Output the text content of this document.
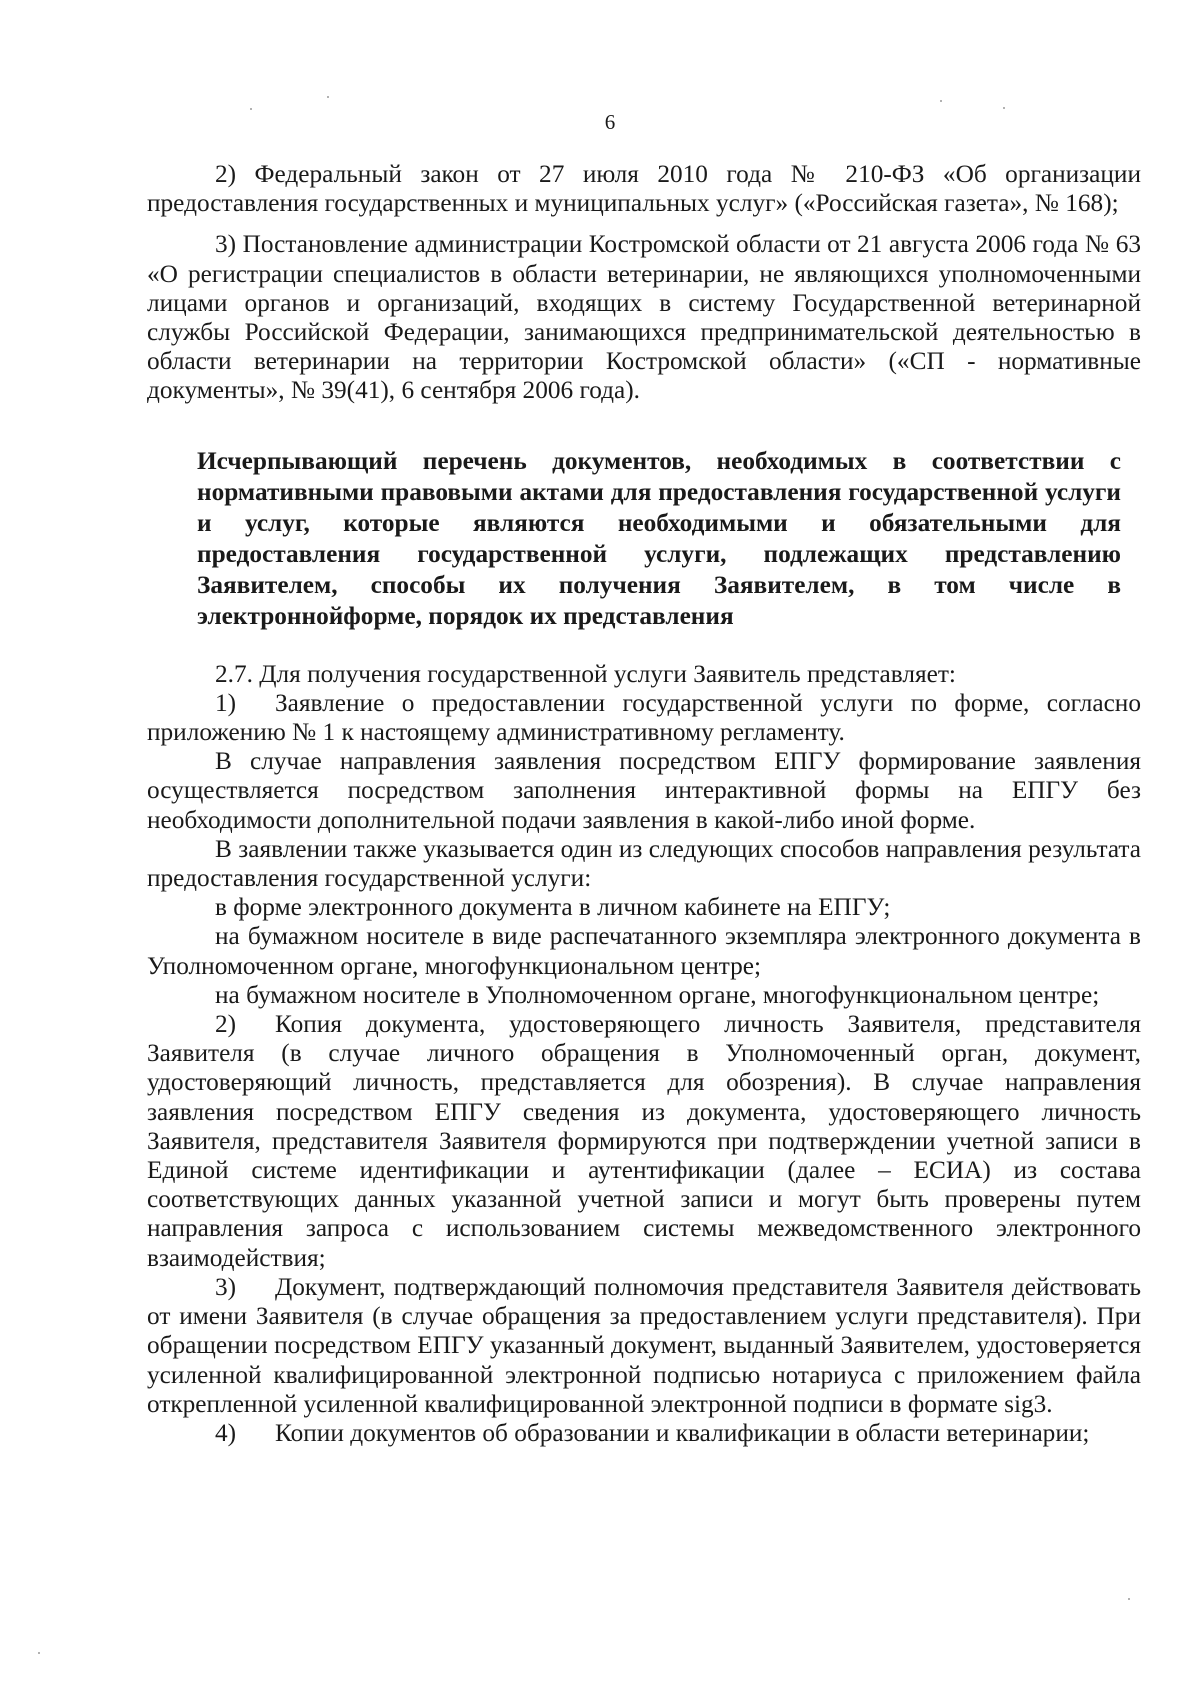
6

2) Федеральный закон от 27 июля 2010 года № 210-ФЗ «Об организации предоставления государственных и муниципальных услуг» («Российская газета», № 168);

3) Постановление администрации Костромской области от 21 августа 2006 года № 63 «О регистрации специалистов в области ветеринарии, не являющихся уполномоченными лицами органов и организаций, входящих в систему Государственной ветеринарной службы Российской Федерации, занимающихся предпринимательской деятельностью в области ветеринарии на территории Костромской области» («СП - нормативные документы», № 39(41), 6 сентября 2006 года).

Исчерпывающий перечень документов, необходимых в соответствии с нормативными правовыми актами для предоставления государственной услуги и услуг, которые являются необходимыми и обязательными для предоставления государственной услуги, подлежащих представлению Заявителем, способы их получения Заявителем, в том числе в электроннойформе, порядок их представления

2.7. Для получения государственной услуги Заявитель представляет:

1) Заявление о предоставлении государственной услуги по форме, согласно приложению № 1 к настоящему административному регламенту.

В случае направления заявления посредством ЕПГУ формирование заявления осуществляется посредством заполнения интерактивной формы на ЕПГУ без необходимости дополнительной подачи заявления в какой-либо иной форме.

В заявлении также указывается один из следующих способов направления результата предоставления государственной услуги:

в форме электронного документа в личном кабинете на ЕПГУ;

на бумажном носителе в виде распечатанного экземпляра электронного документа в Уполномоченном органе, многофункциональном центре;

на бумажном носителе в Уполномоченном органе, многофункциональном центре;

2) Копия документа, удостоверяющего личность Заявителя, представителя Заявителя (в случае личного обращения в Уполномоченный орган, документ, удостоверяющий личность, представляется для обозрения). В случае направления заявления посредством ЕПГУ сведения из документа, удостоверяющего личность Заявителя, представителя Заявителя формируются при подтверждении учетной записи в Единой системе идентификации и аутентификации (далее – ЕСИА) из состава соответствующих данных указанной учетной записи и могут быть проверены путем направления запроса с использованием системы межведомственного электронного взаимодействия;

3) Документ, подтверждающий полномочия представителя Заявителя действовать от имени Заявителя (в случае обращения за предоставлением услуги представителя). При обращении посредством ЕПГУ указанный документ, выданный Заявителем, удостоверяется усиленной квалифицированной электронной подписью нотариуса с приложением файла открепленной усиленной квалифицированной электронной подписи в формате sig3.

4) Копии документов об образовании и квалификации в области ветеринарии;
